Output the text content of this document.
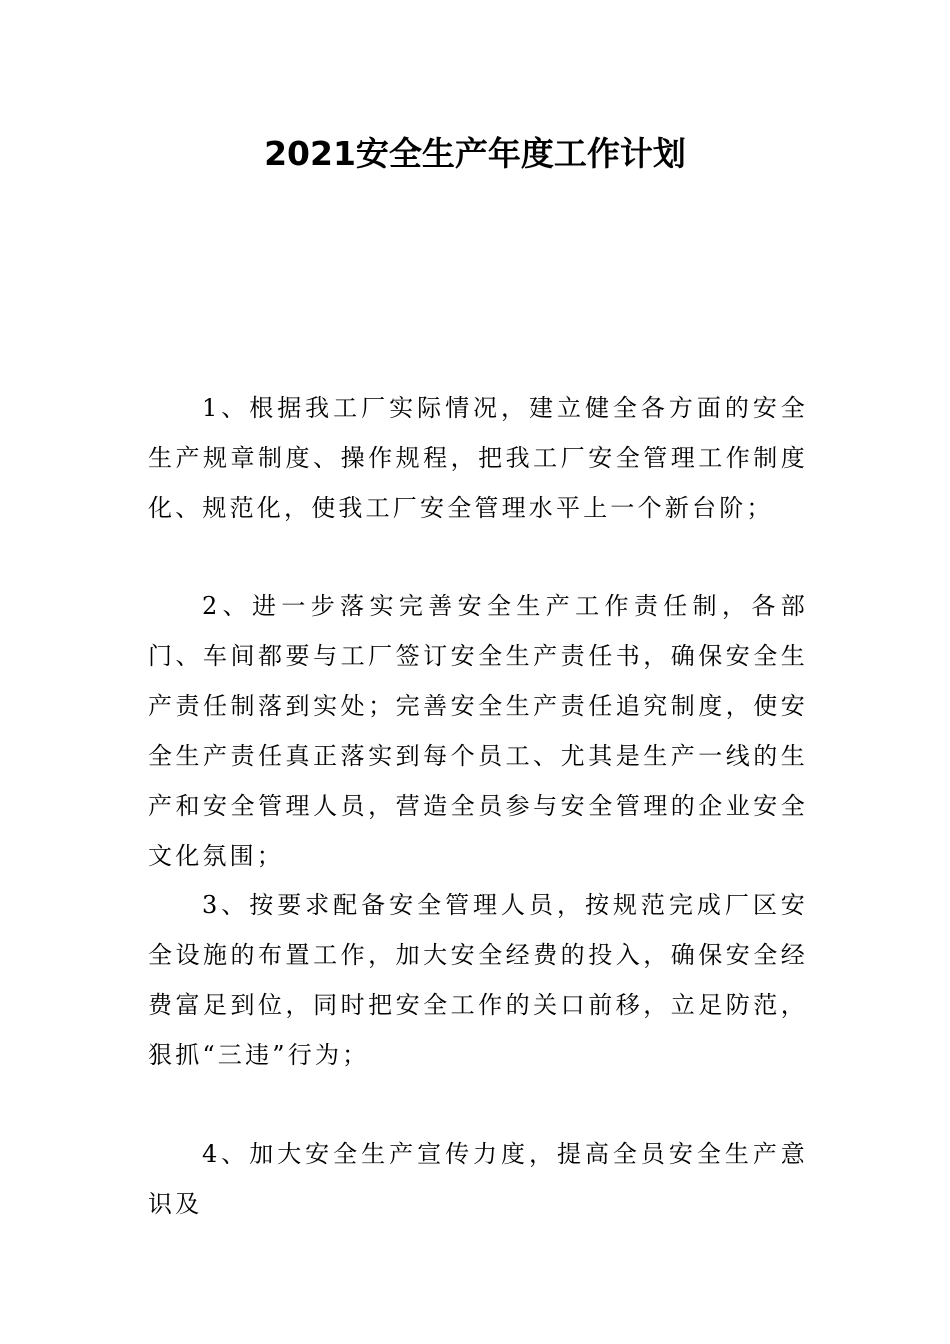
2021安全生产年度工作计划

1、根据我工厂实际情况，建立健全各方面的安全生产规章制度、操作规程，把我工厂安全管理工作制度化、规范化，使我工厂安全管理水平上一个新台阶；

2、进一步落实完善安全生产工作责任制，各部门、车间都要与工厂签订安全生产责任书，确保安全生产责任制落到实处；完善安全生产责任追究制度，使安全生产责任真正落实到每个员工、尤其是生产一线的生产和安全管理人员，营造全员参与安全管理的企业安全文化氛围；

3、按要求配备安全管理人员，按规范完成厂区安全设施的布置工作，加大安全经费的投入，确保安全经费富足到位，同时把安全工作的关口前移，立足防范，狠抓“三违”行为；

4、加大安全生产宣传力度，提高全员安全生产意识及
